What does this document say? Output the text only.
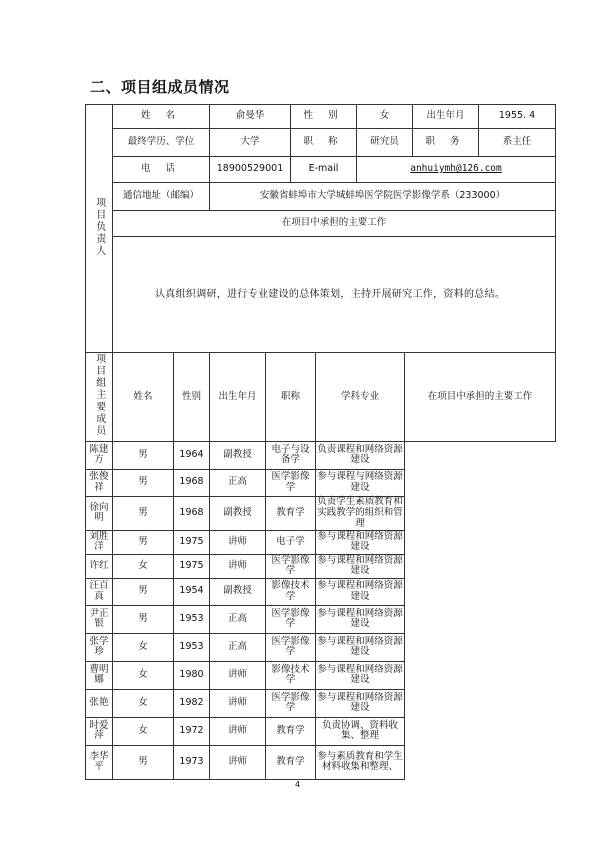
二、项目组成员情况
项目负责人	姓 名	俞曼华	性 别	女	出生年月	1955. 4
	最终学历、学位	大学	职 称	研究员	职 务	系主任
	电 话	18900529001	E-mail	anhuiymh@126.com		
	通信地址（邮编）	安徽省蚌埠市大学城蚌埠医学院医学影像学系（233000）				
	在项目中承担的主要工作					
	认真组织调研，进行专业建设的总体策划，主持开展研究工作，资料的总结。					
项目组主要成员	姓名	性别	出生年月	职称	学科专业	在项目中承担的主要工作
陈建方	男	1964	副教授	电子与设备学	负责课程和网络资源建设	
张俊祥	男	1968	正高	医学影像学	参与课程与网络资源建设	
徐向明	男	1968	副教授	教育学	负责学生素质教育和实践教学的组织和管理	
刘胜洋	男	1975	讲师	电子学	参与课程和网络资源建设	
许红	女	1975	讲师	医学影像学	参与课程和网络资源建设	
汪百真	男	1954	副教授	影像技术学	参与课程和网络资源建设	
尹正银	男	1953	正高	医学影像学	参与课程和网络资源建设	
张学珍	女	1953	正高	医学影像学	参与课程和网络资源建设	
曹明娜	女	1980	讲师	影像技术学	参与课程和网络资源建设	
张艳	女	1982	讲师	医学影像学	参与课程和网络资源建设	
时爱萍	女	1972	讲师	教育学	负责协调、资料收集、整理	
李华平	男	1973	讲师	教育学	参与素质教育和学生材料收集和整理、	
4
